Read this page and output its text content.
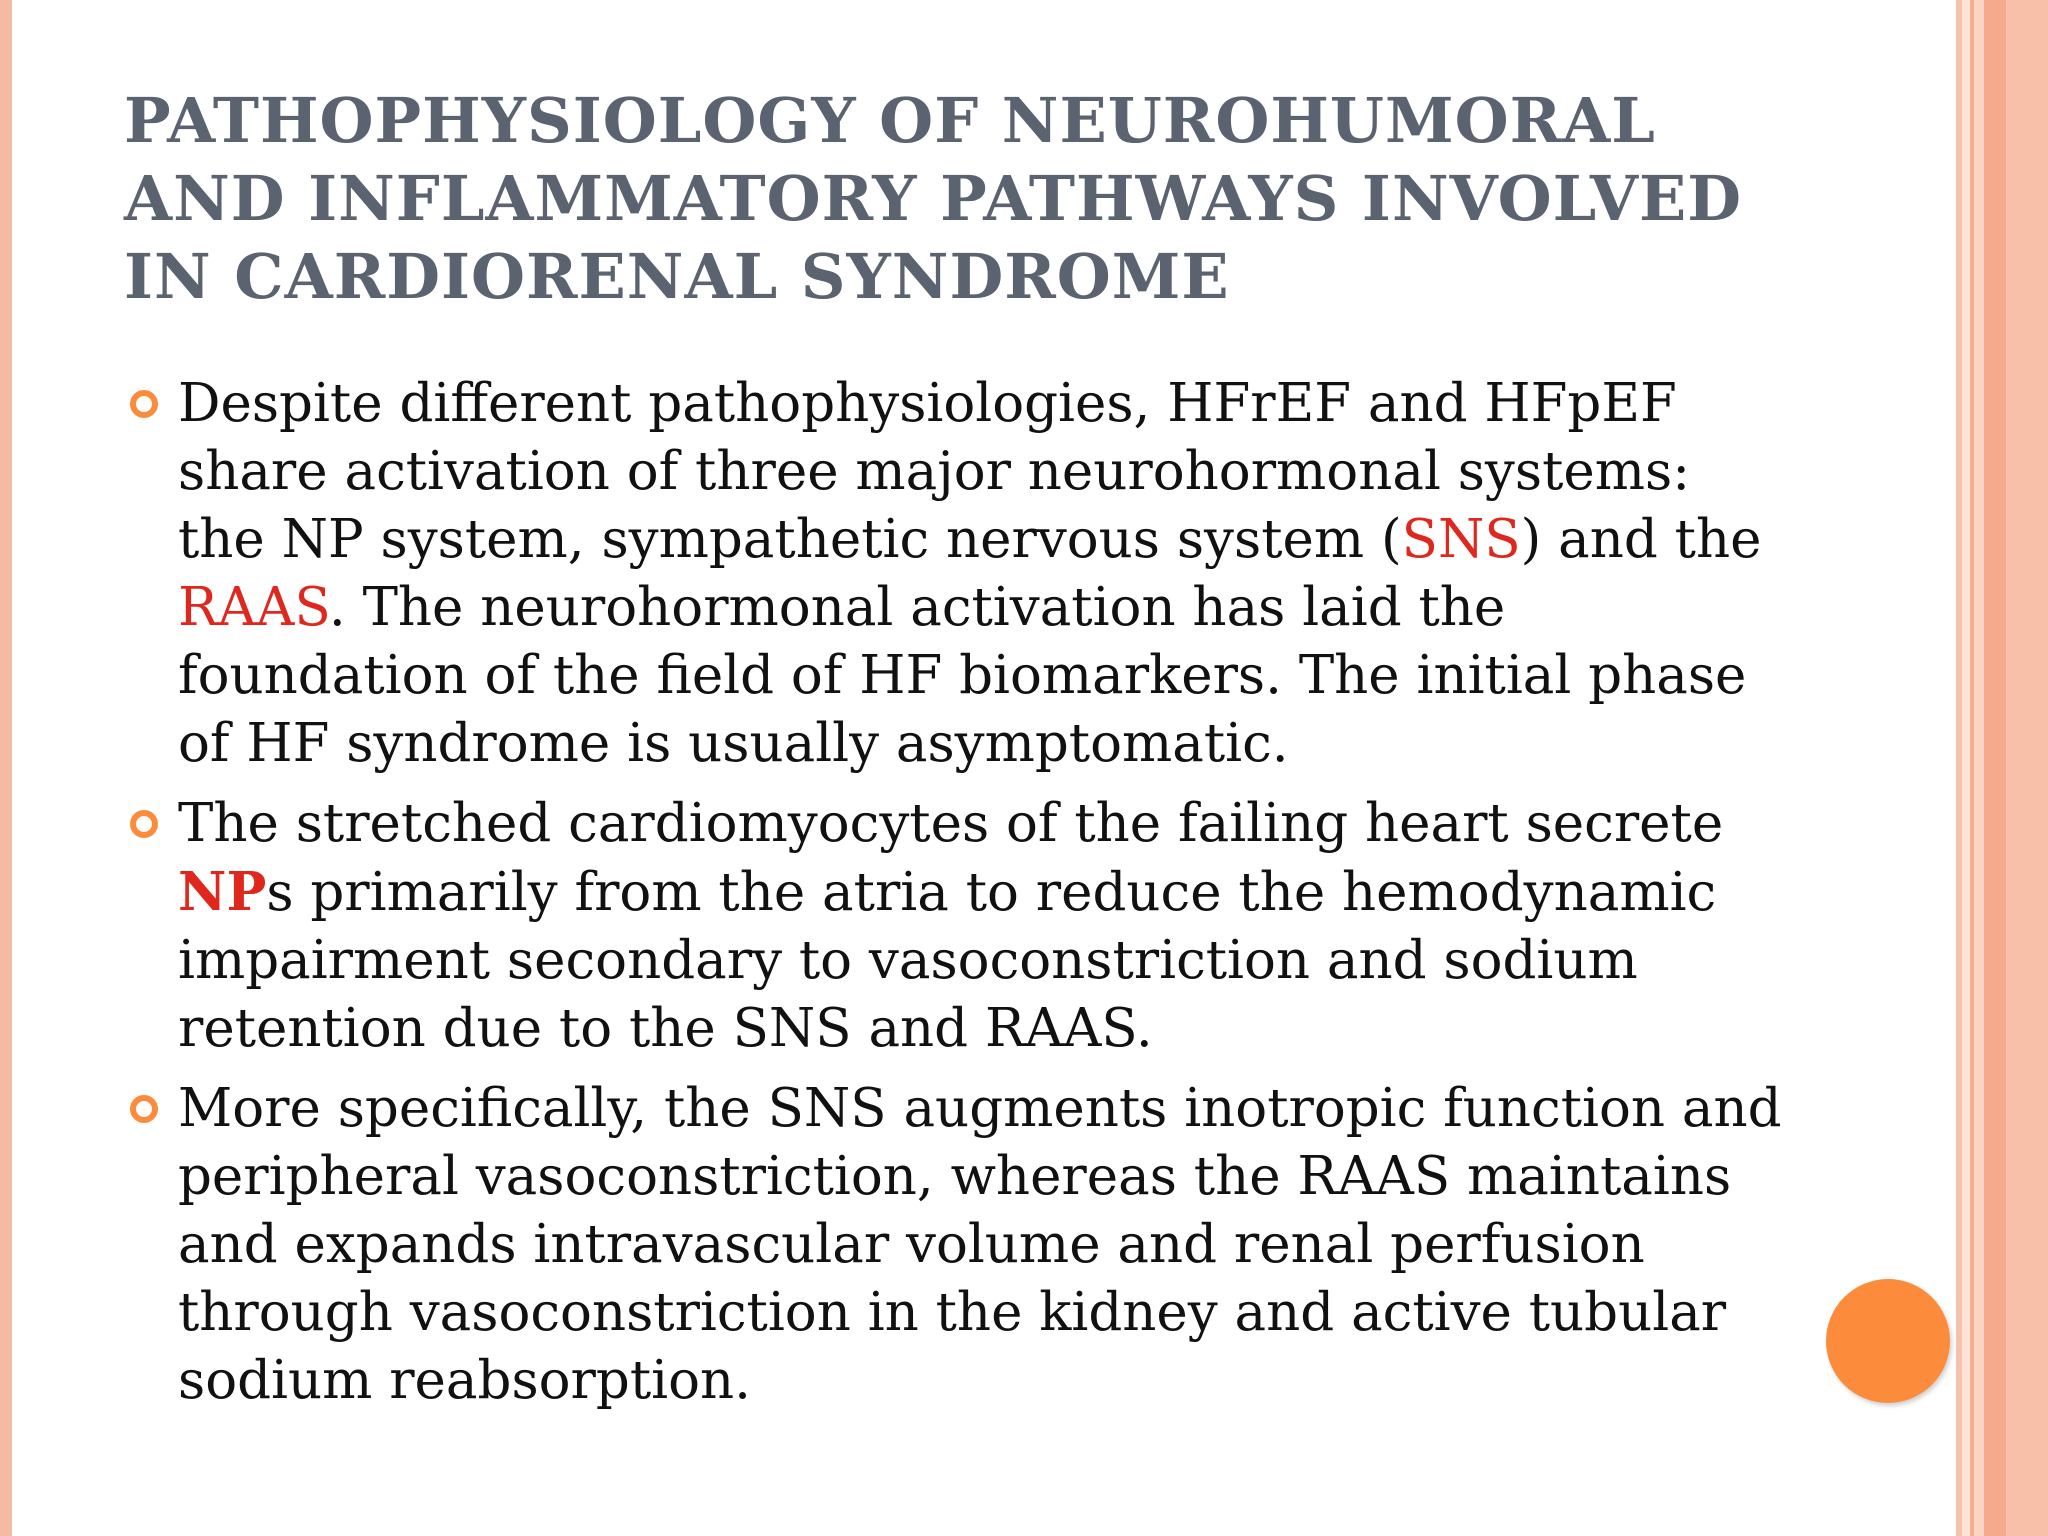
PATHOPHYSIOLOGY OF NEUROHUMORAL AND INFLAMMATORY PATHWAYS INVOLVED IN CARDIORENAL SYNDROME
Despite different pathophysiologies, HFrEF and HFpEF share activation of three major neurohormonal systems: the NP system, sympathetic nervous system (SNS) and the RAAS. The neurohormonal activation has laid the foundation of the field of HF biomarkers. The initial phase of HF syndrome is usually asymptomatic.
The stretched cardiomyocytes of the failing heart secrete NPs primarily from the atria to reduce the hemodynamic impairment secondary to vasoconstriction and sodium retention due to the SNS and RAAS.
More specifically, the SNS augments inotropic function and peripheral vasoconstriction, whereas the RAAS maintains and expands intravascular volume and renal perfusion through vasoconstriction in the kidney and active tubular sodium reabsorption.
